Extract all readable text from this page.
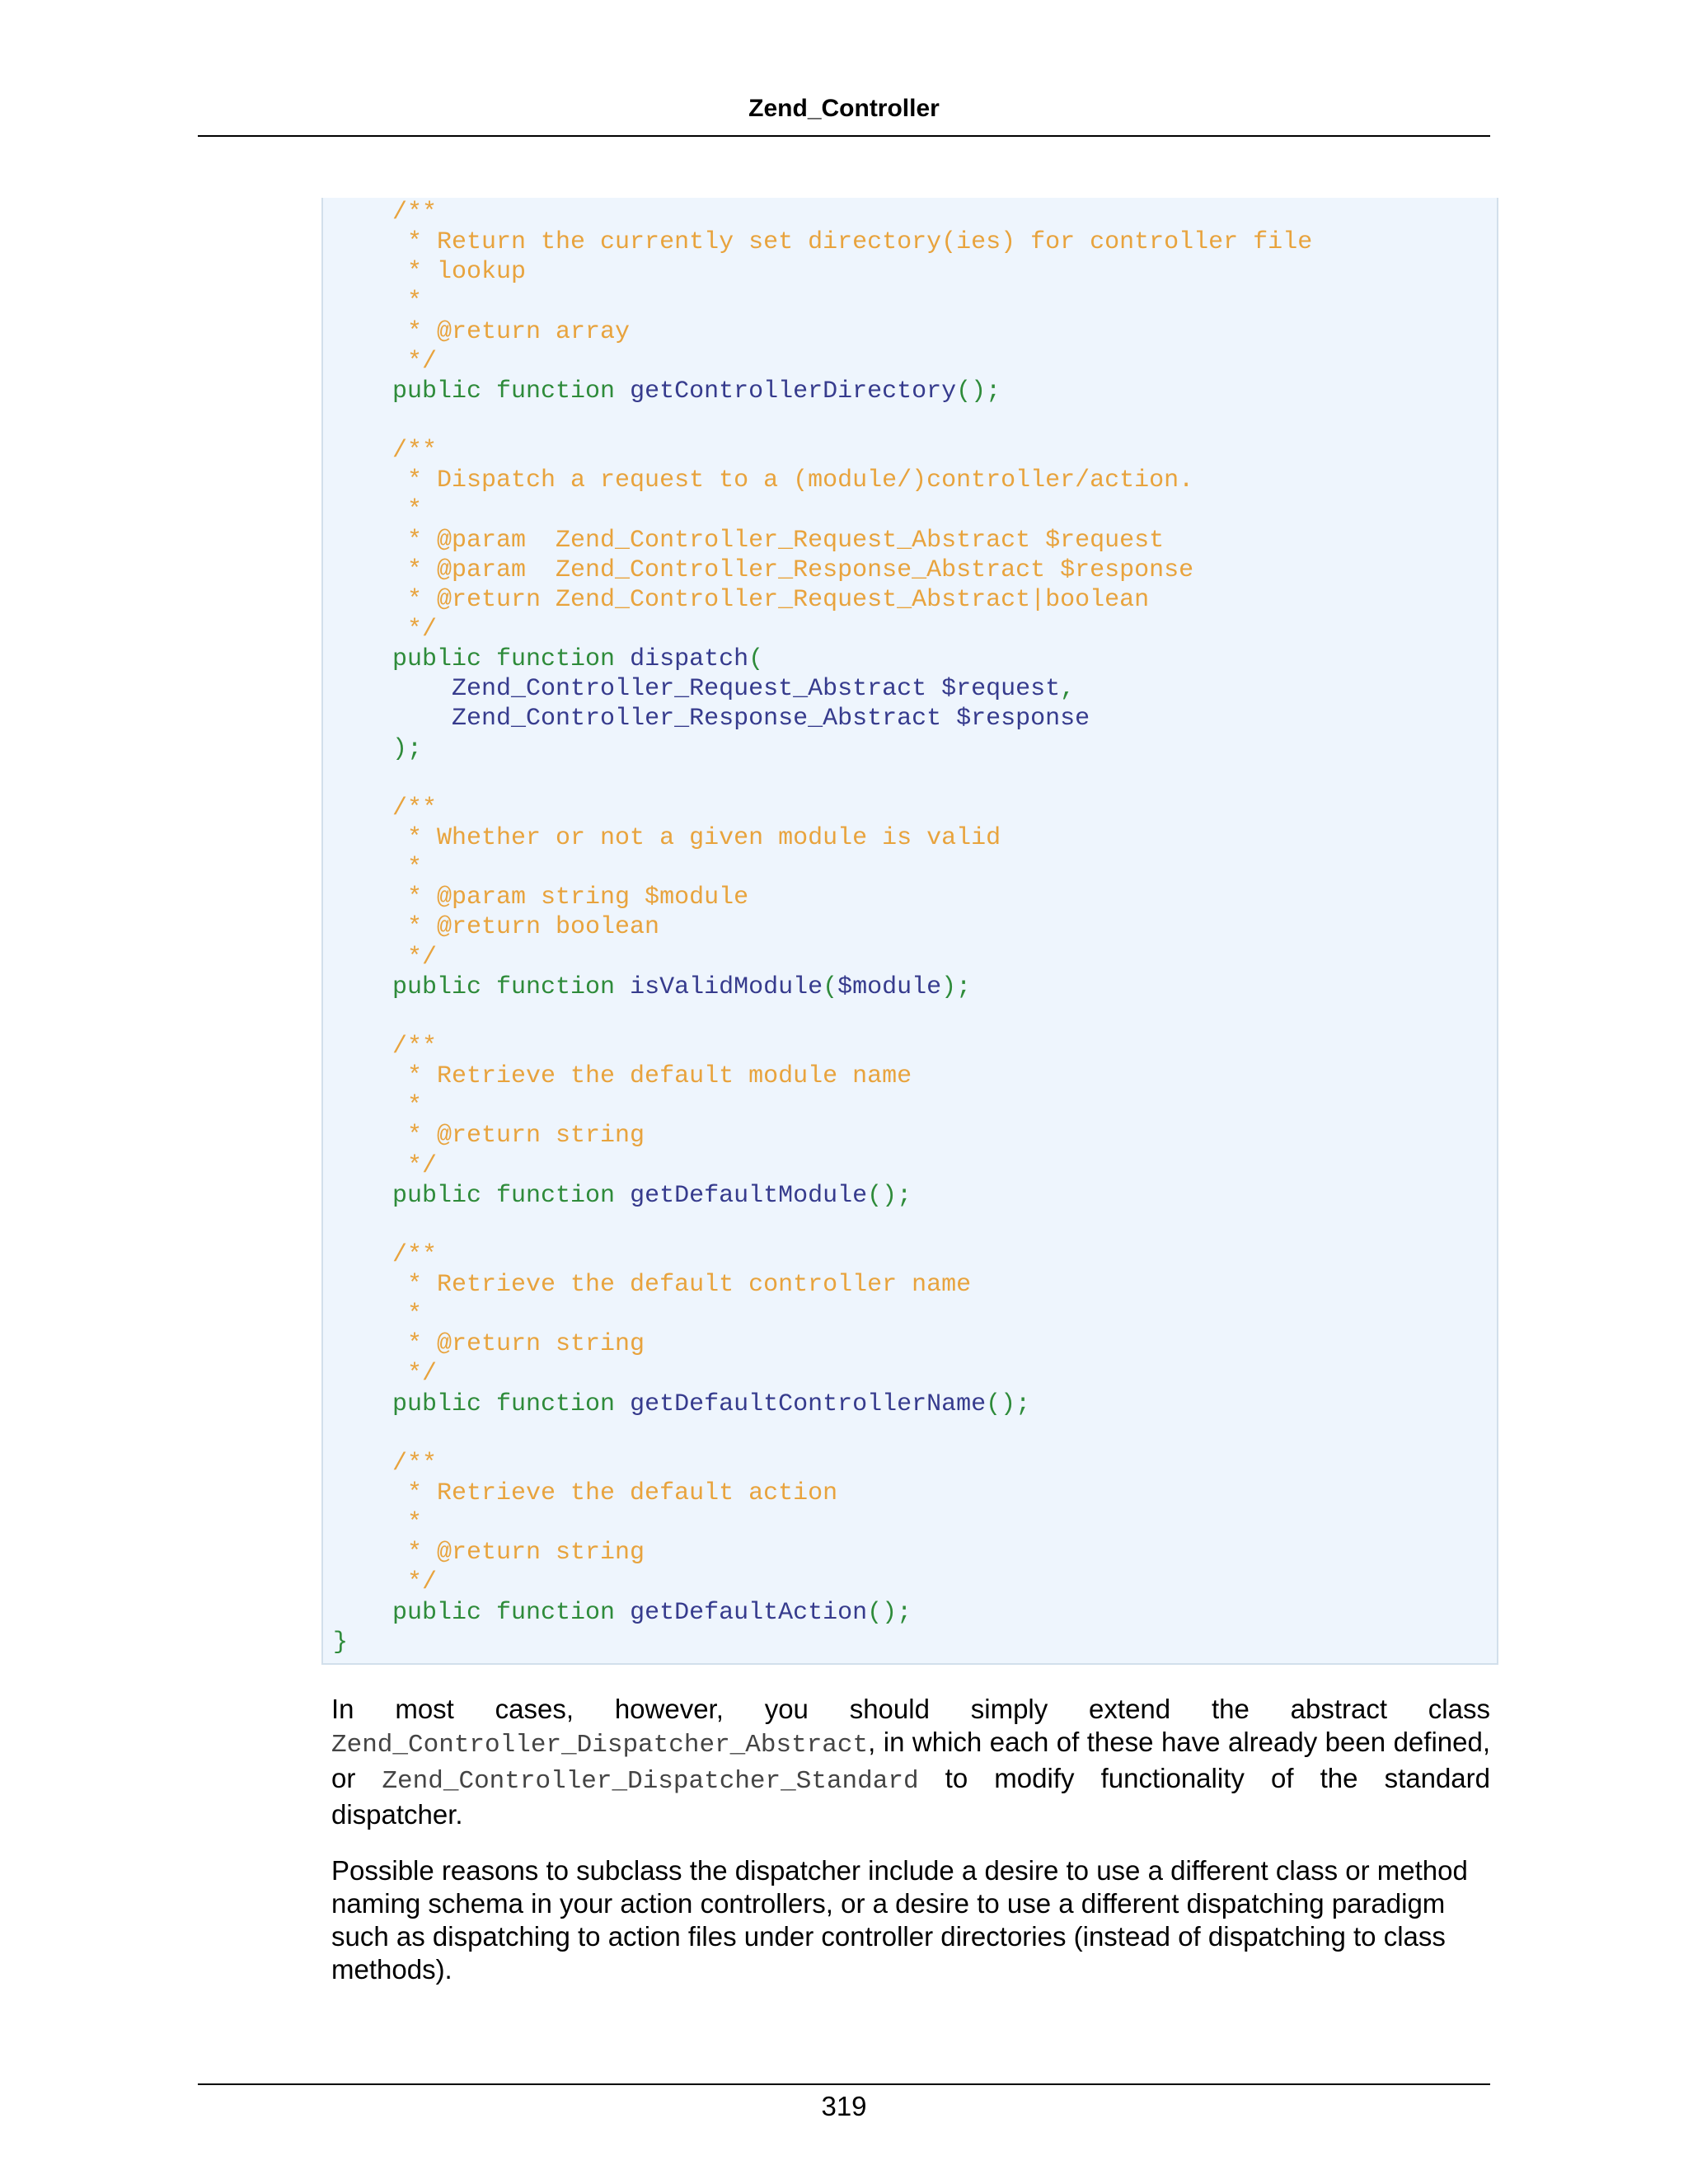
Zend_Controller
/**
* Return the currently set directory(ies) for controller file
* lookup
*
* @return array
*/
public function getControllerDirectory();
/**
* Dispatch a request to a (module/)controller/action.
*
* @param  Zend_Controller_Request_Abstract $request
* @param  Zend_Controller_Response_Abstract $response
* @return Zend_Controller_Request_Abstract|boolean
*/
public function dispatch(
Zend_Controller_Request_Abstract $request,
Zend_Controller_Response_Abstract $response
);
/**
* Whether or not a given module is valid
*
* @param string $module
* @return boolean
*/
public function isValidModule($module);
/**
* Retrieve the default module name
*
* @return string
*/
public function getDefaultModule();
/**
* Retrieve the default controller name
*
* @return string
*/
public function getDefaultControllerName();
/**
* Retrieve the default action
*
* @return string
*/
public function getDefaultAction();
}
In most cases, however, you should simply extend the abstract class Zend_Controller_Dispatcher_Abstract, in which each of these have already been defined, or Zend_Controller_Dispatcher_Standard to modify functionality of the standard dispatcher.
Possible reasons to subclass the dispatcher include a desire to use a different class or method naming schema in your action controllers, or a desire to use a different dispatching paradigm such as dispatching to action files under controller directories (instead of dispatching to class methods).
319
